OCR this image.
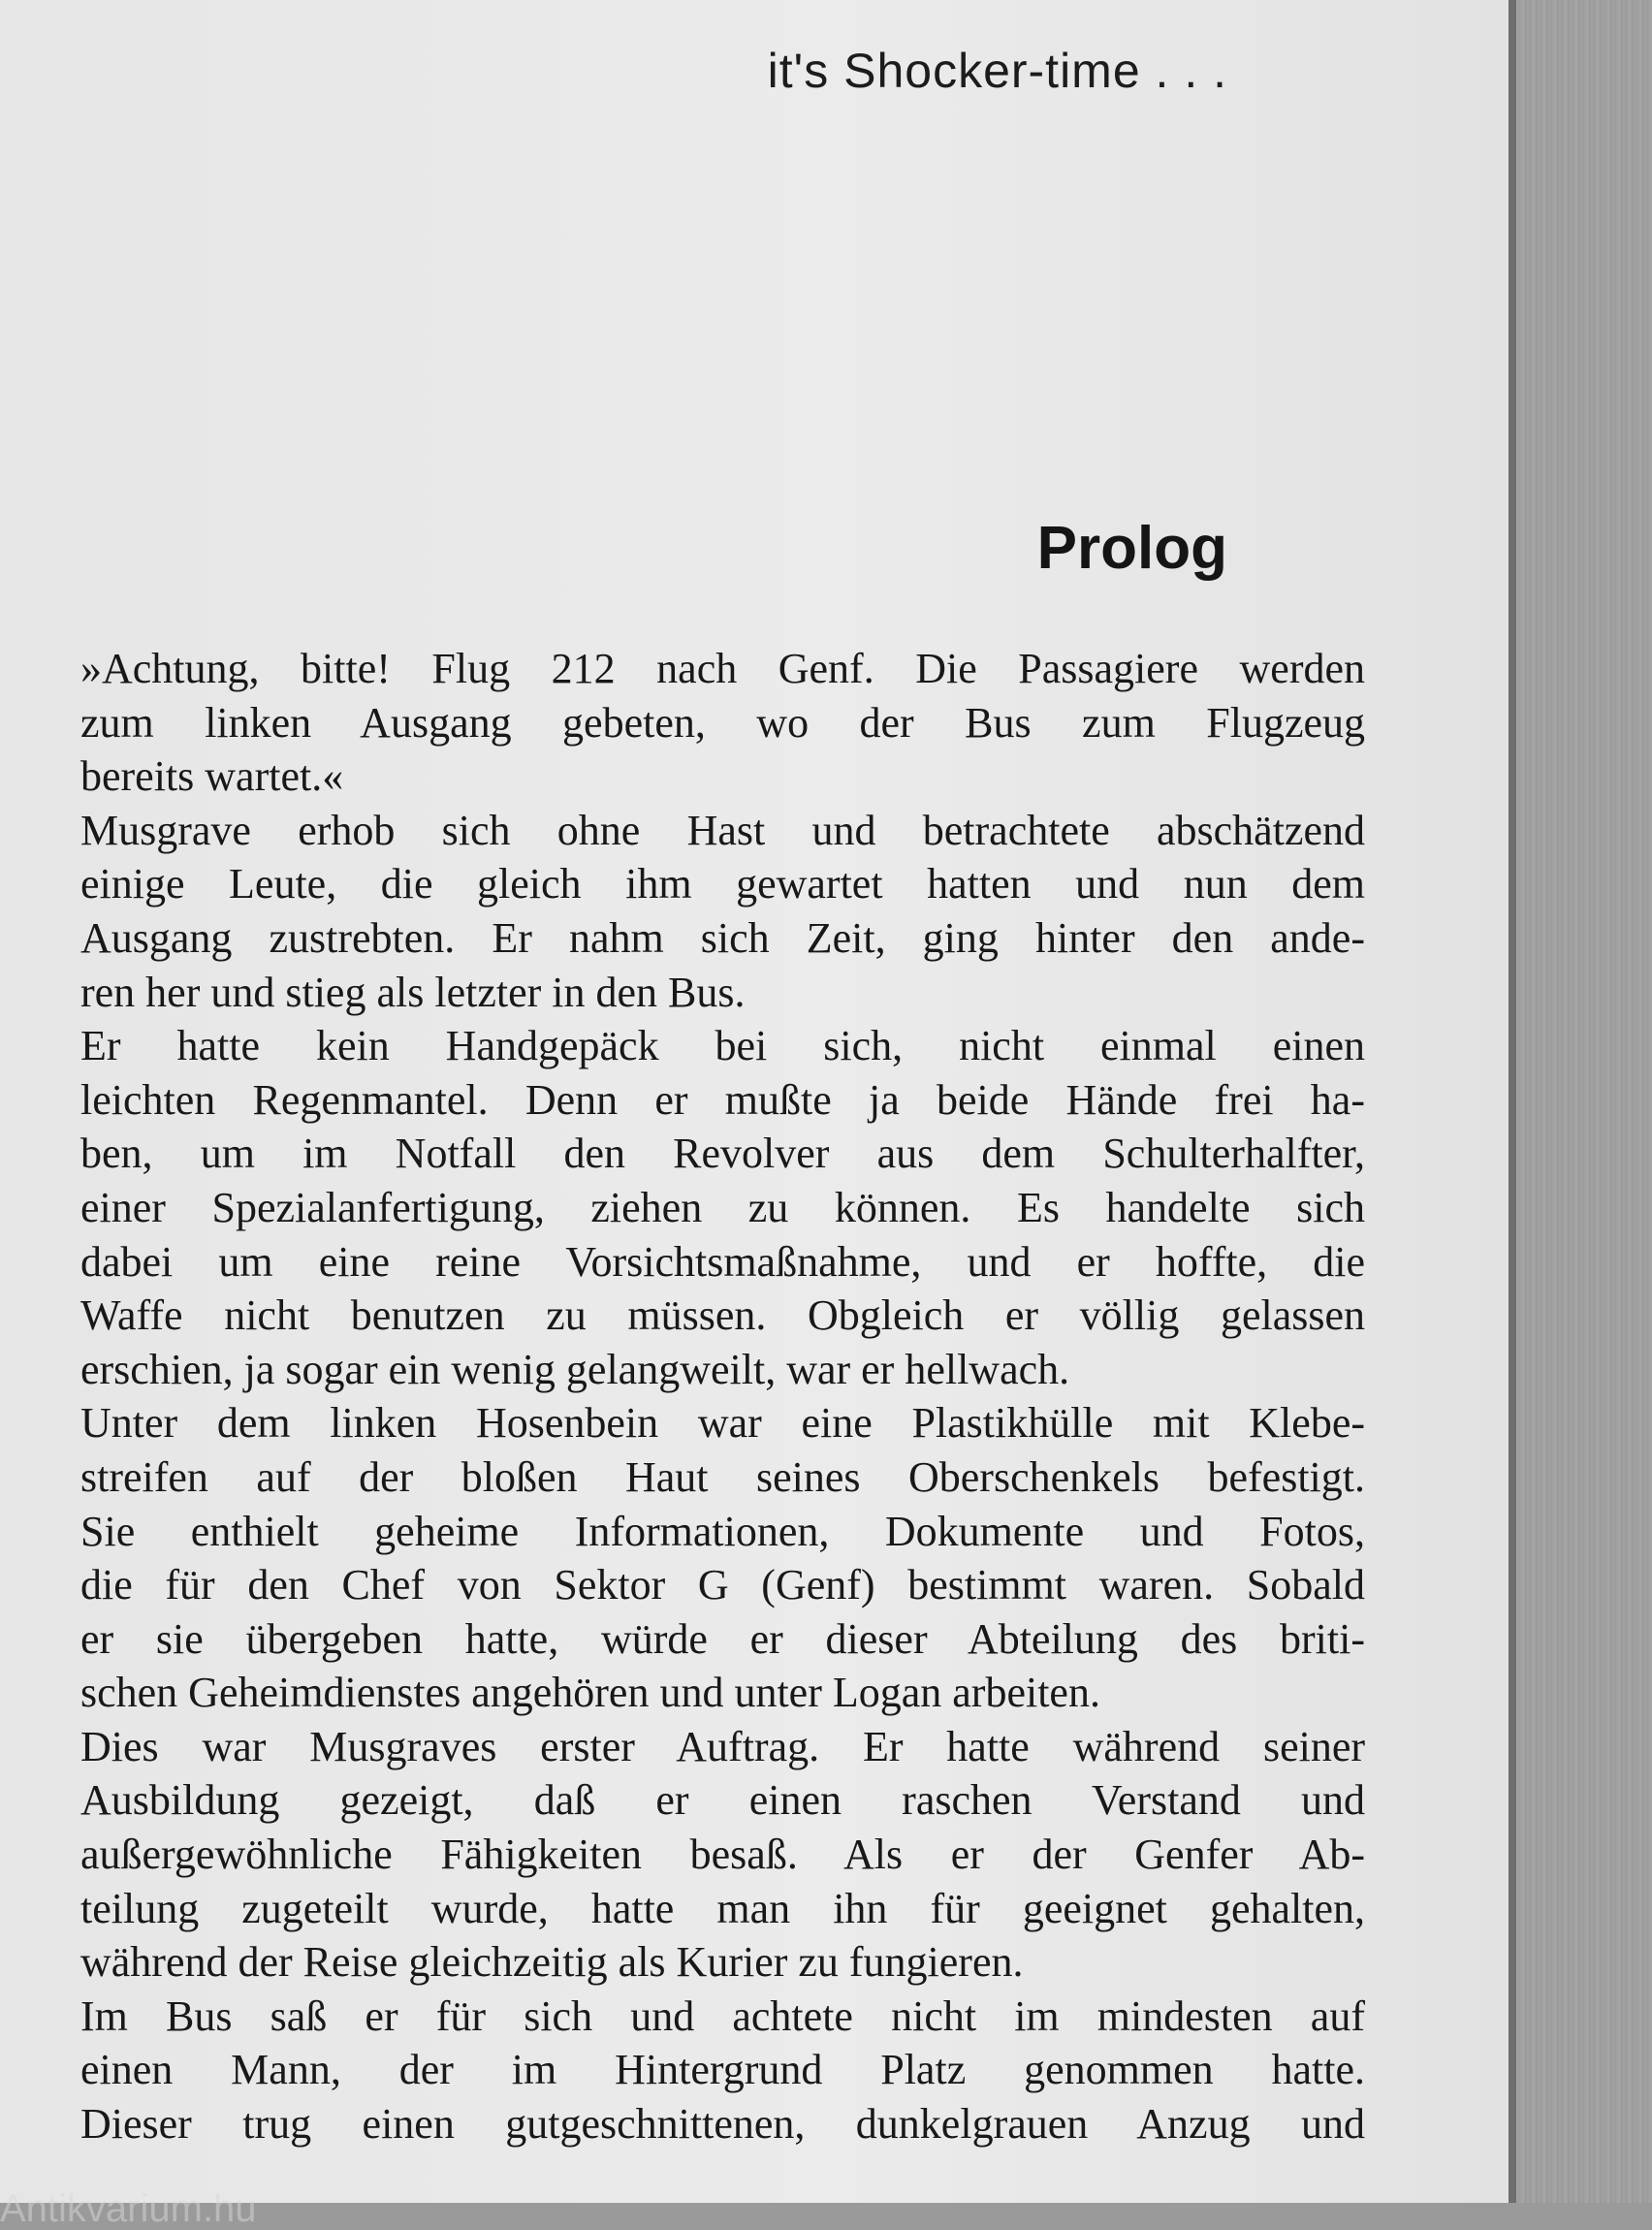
it's Shocker-time . . .
Prolog
»Achtung, bitte! Flug 212 nach Genf. Die Passagiere werden
zum linken Ausgang gebeten, wo der Bus zum Flugzeug
bereits wartet.«
Musgrave erhob sich ohne Hast und betrachtete abschätzend
einige Leute, die gleich ihm gewartet hatten und nun dem
Ausgang zustrebten. Er nahm sich Zeit, ging hinter den ande-
ren her und stieg als letzter in den Bus.
Er hatte kein Handgepäck bei sich, nicht einmal einen
leichten Regenmantel. Denn er mußte ja beide Hände frei ha-
ben, um im Notfall den Revolver aus dem Schulterhalfter,
einer Spezialanfertigung, ziehen zu können. Es handelte sich
dabei um eine reine Vorsichtsmaßnahme, und er hoffte, die
Waffe nicht benutzen zu müssen. Obgleich er völlig gelassen
erschien, ja sogar ein wenig gelangweilt, war er hellwach.
Unter dem linken Hosenbein war eine Plastikhülle mit Klebe-
streifen auf der bloßen Haut seines Oberschenkels befestigt.
Sie enthielt geheime Informationen, Dokumente und Fotos,
die für den Chef von Sektor G (Genf) bestimmt waren. Sobald
er sie übergeben hatte, würde er dieser Abteilung des briti-
schen Geheimdienstes angehören und unter Logan arbeiten.
Dies war Musgraves erster Auftrag. Er hatte während seiner
Ausbildung gezeigt, daß er einen raschen Verstand und
außergewöhnliche Fähigkeiten besaß. Als er der Genfer Ab-
teilung zugeteilt wurde, hatte man ihn für geeignet gehalten,
während der Reise gleichzeitig als Kurier zu fungieren.
Im Bus saß er für sich und achtete nicht im mindesten auf
einen Mann, der im Hintergrund Platz genommen hatte.
Dieser trug einen gutgeschnittenen, dunkelgrauen Anzug und
Antikvarium.hu
